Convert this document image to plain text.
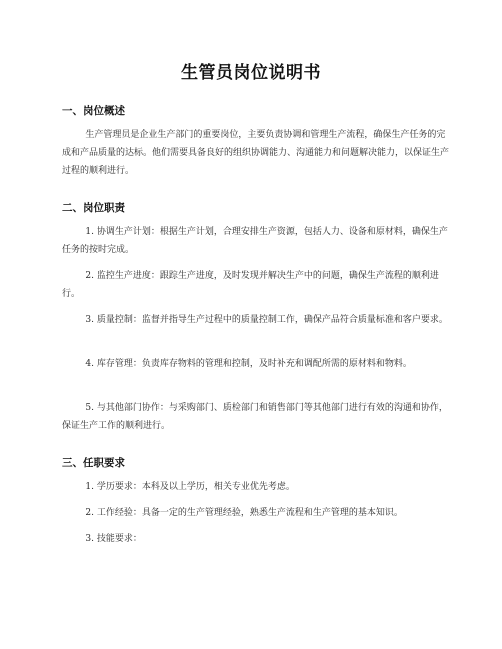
生管员岗位说明书
一、岗位概述
生产管理员是企业生产部门的重要岗位，主要负责协调和管理生产流程，确保生产任务的完成和产品质量的达标。他们需要具备良好的组织协调能力、沟通能力和问题解决能力，以保证生产过程的顺利进行。
二、岗位职责
1. 协调生产计划：根据生产计划，合理安排生产资源，包括人力、设备和原材料，确保生产任务的按时完成。
2. 监控生产进度：跟踪生产进度，及时发现并解决生产中的问题，确保生产流程的顺利进行。
3. 质量控制：监督并指导生产过程中的质量控制工作，确保产品符合质量标准和客户要求。
4. 库存管理：负责库存物料的管理和控制，及时补充和调配所需的原材料和物料。
5. 与其他部门协作：与采购部门、质检部门和销售部门等其他部门进行有效的沟通和协作，保证生产工作的顺利进行。
三、任职要求
1. 学历要求：本科及以上学历，相关专业优先考虑。
2. 工作经验：具备一定的生产管理经验，熟悉生产流程和生产管理的基本知识。
3. 技能要求：
